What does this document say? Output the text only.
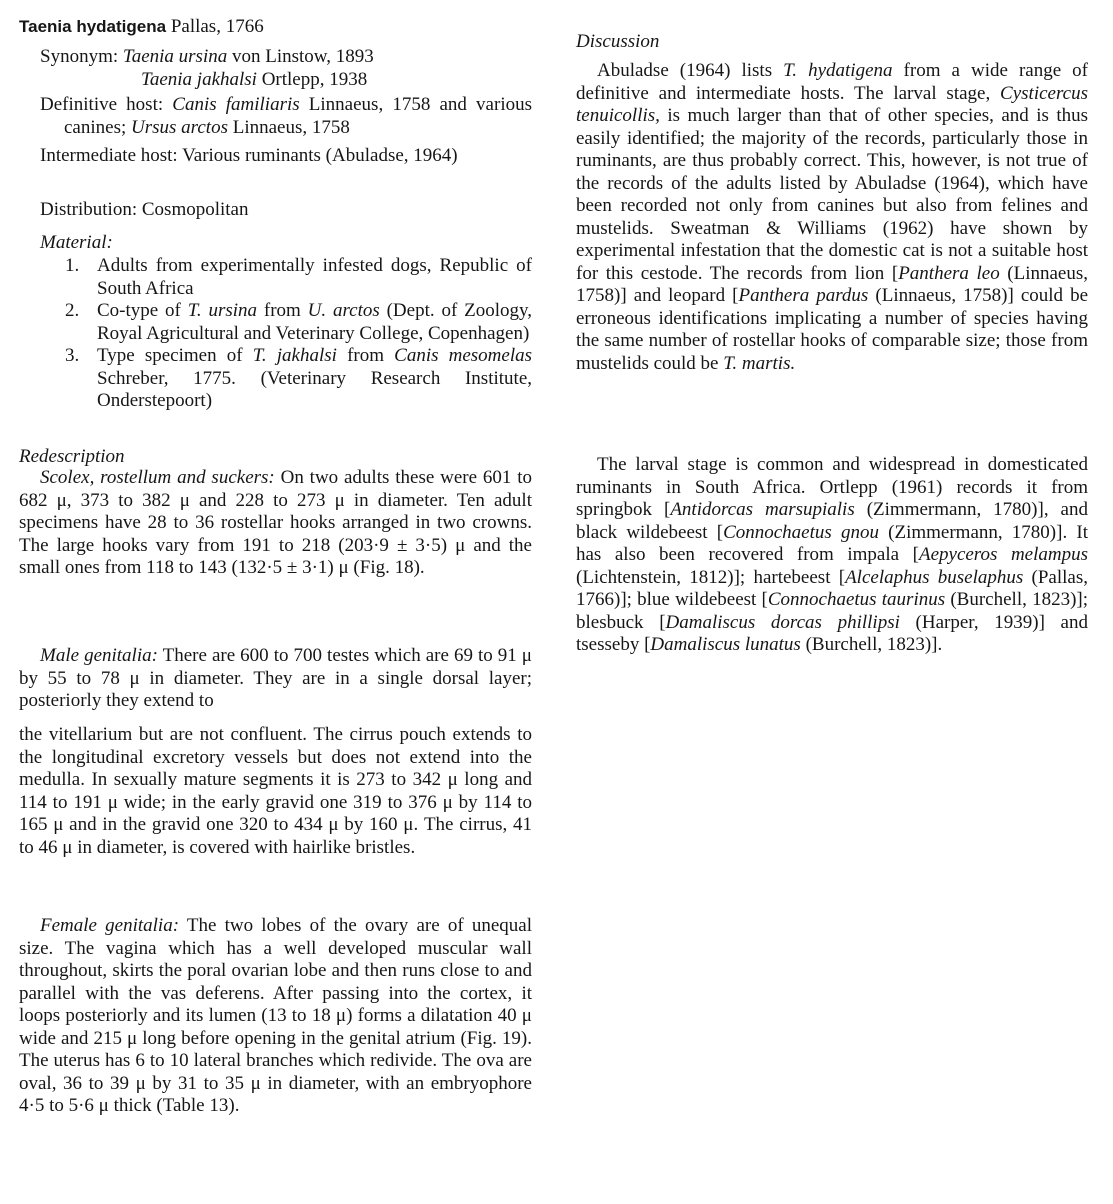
Taenia hydatigena Pallas, 1766
Synonym: Taenia ursina von Linstow, 1893
Taenia jakhalsi Ortlepp, 1938

Definitive host: Canis familiaris Linnaeus, 1758 and various canines; Ursus arctos Linnaeus, 1758

Intermediate host: Various ruminants (Abuladse, 1964)

Distribution: Cosmopolitan

Material:

1. Adults from experimentally infested dogs, Republic of South Africa
2. Co-type of T. ursina from U. arctos (Dept. of Zoology, Royal Agricultural and Veterinary College, Copenhagen)
3. Type specimen of T. jakhalsi from Canis mesomelas Schreber, 1775. (Veterinary Research Institute, Onderstepoort)

Redescription

Scolex, rostellum and suckers: On two adults these were 601 to 682 μ, 373 to 382 μ and 228 to 273 μ in diameter. Ten adult specimens have 28 to 36 rostellar hooks arranged in two crowns. The large hooks vary from 191 to 218 (203·9 ± 3·5) μ and the small ones from 118 to 143 (132·5 ± 3·1) μ (Fig. 18).

Male genitalia: There are 600 to 700 testes which are 69 to 91 μ by 55 to 78 μ in diameter. They are in a single dorsal layer; posteriorly they extend to

the vitellarium but are not confluent. The cirrus pouch extends to the longitudinal excretory vessels but does not extend into the medulla. In sexually mature segments it is 273 to 342 μ long and 114 to 191 μ wide; in the early gravid one 319 to 376 μ by 114 to 165 μ and in the gravid one 320 to 434 μ by 160 μ. The cirrus, 41 to 46 μ in diameter, is covered with hairlike bristles.

Female genitalia: The two lobes of the ovary are of unequal size. The vagina which has a well developed muscular wall throughout, skirts the poral ovarian lobe and then runs close to and parallel with the vas deferens. After passing into the cortex, it loops posteriorly and its lumen (13 to 18 μ) forms a dilatation 40 μ wide and 215 μ long before opening in the genital atrium (Fig. 19). The uterus has 6 to 10 lateral branches which redivide. The ova are oval, 36 to 39 μ by 31 to 35 μ in diameter, with an embryophore 4·5 to 5·6 μ thick (Table 13).

Discussion

Abuladse (1964) lists T. hydatigena from a wide range of definitive and intermediate hosts. The larval stage, Cysticercus tenuicollis, is much larger than that of other species, and is thus easily identified; the majority of the records, particularly those in ruminants, are thus probably correct. This, however, is not true of the records of the adults listed by Abuladse (1964), which have been recorded not only from canines but also from felines and mustelids. Sweatman & Williams (1962) have shown by experimental infestation that the domestic cat is not a suitable host for this cestode. The records from lion [Panthera leo (Linnaeus, 1758)] and leopard [Panthera pardus (Linnaeus, 1758)] could be erroneous identifications implicating a number of species having the same number of rostellar hooks of comparable size; those from mustelids could be T. martis.

The larval stage is common and widespread in domesticated ruminants in South Africa. Ortlepp (1961) records it from springbok [Antidorcas marsupialis (Zimmermann, 1780)], and black wildebeest [Connochaetus gnou (Zimmermann, 1780)]. It has also been recovered from impala [Aepyceros melampus (Lichtenstein, 1812)]; hartebeest [Alcelaphus buselaphus (Pallas, 1766)]; blue wildebeest [Connochaetus taurinus (Burchell, 1823)]; blesbuck [Damaliscus dorcas phillipsi (Harper, 1939)] and tsesseby [Damaliscus lunatus (Burchell, 1823)].
